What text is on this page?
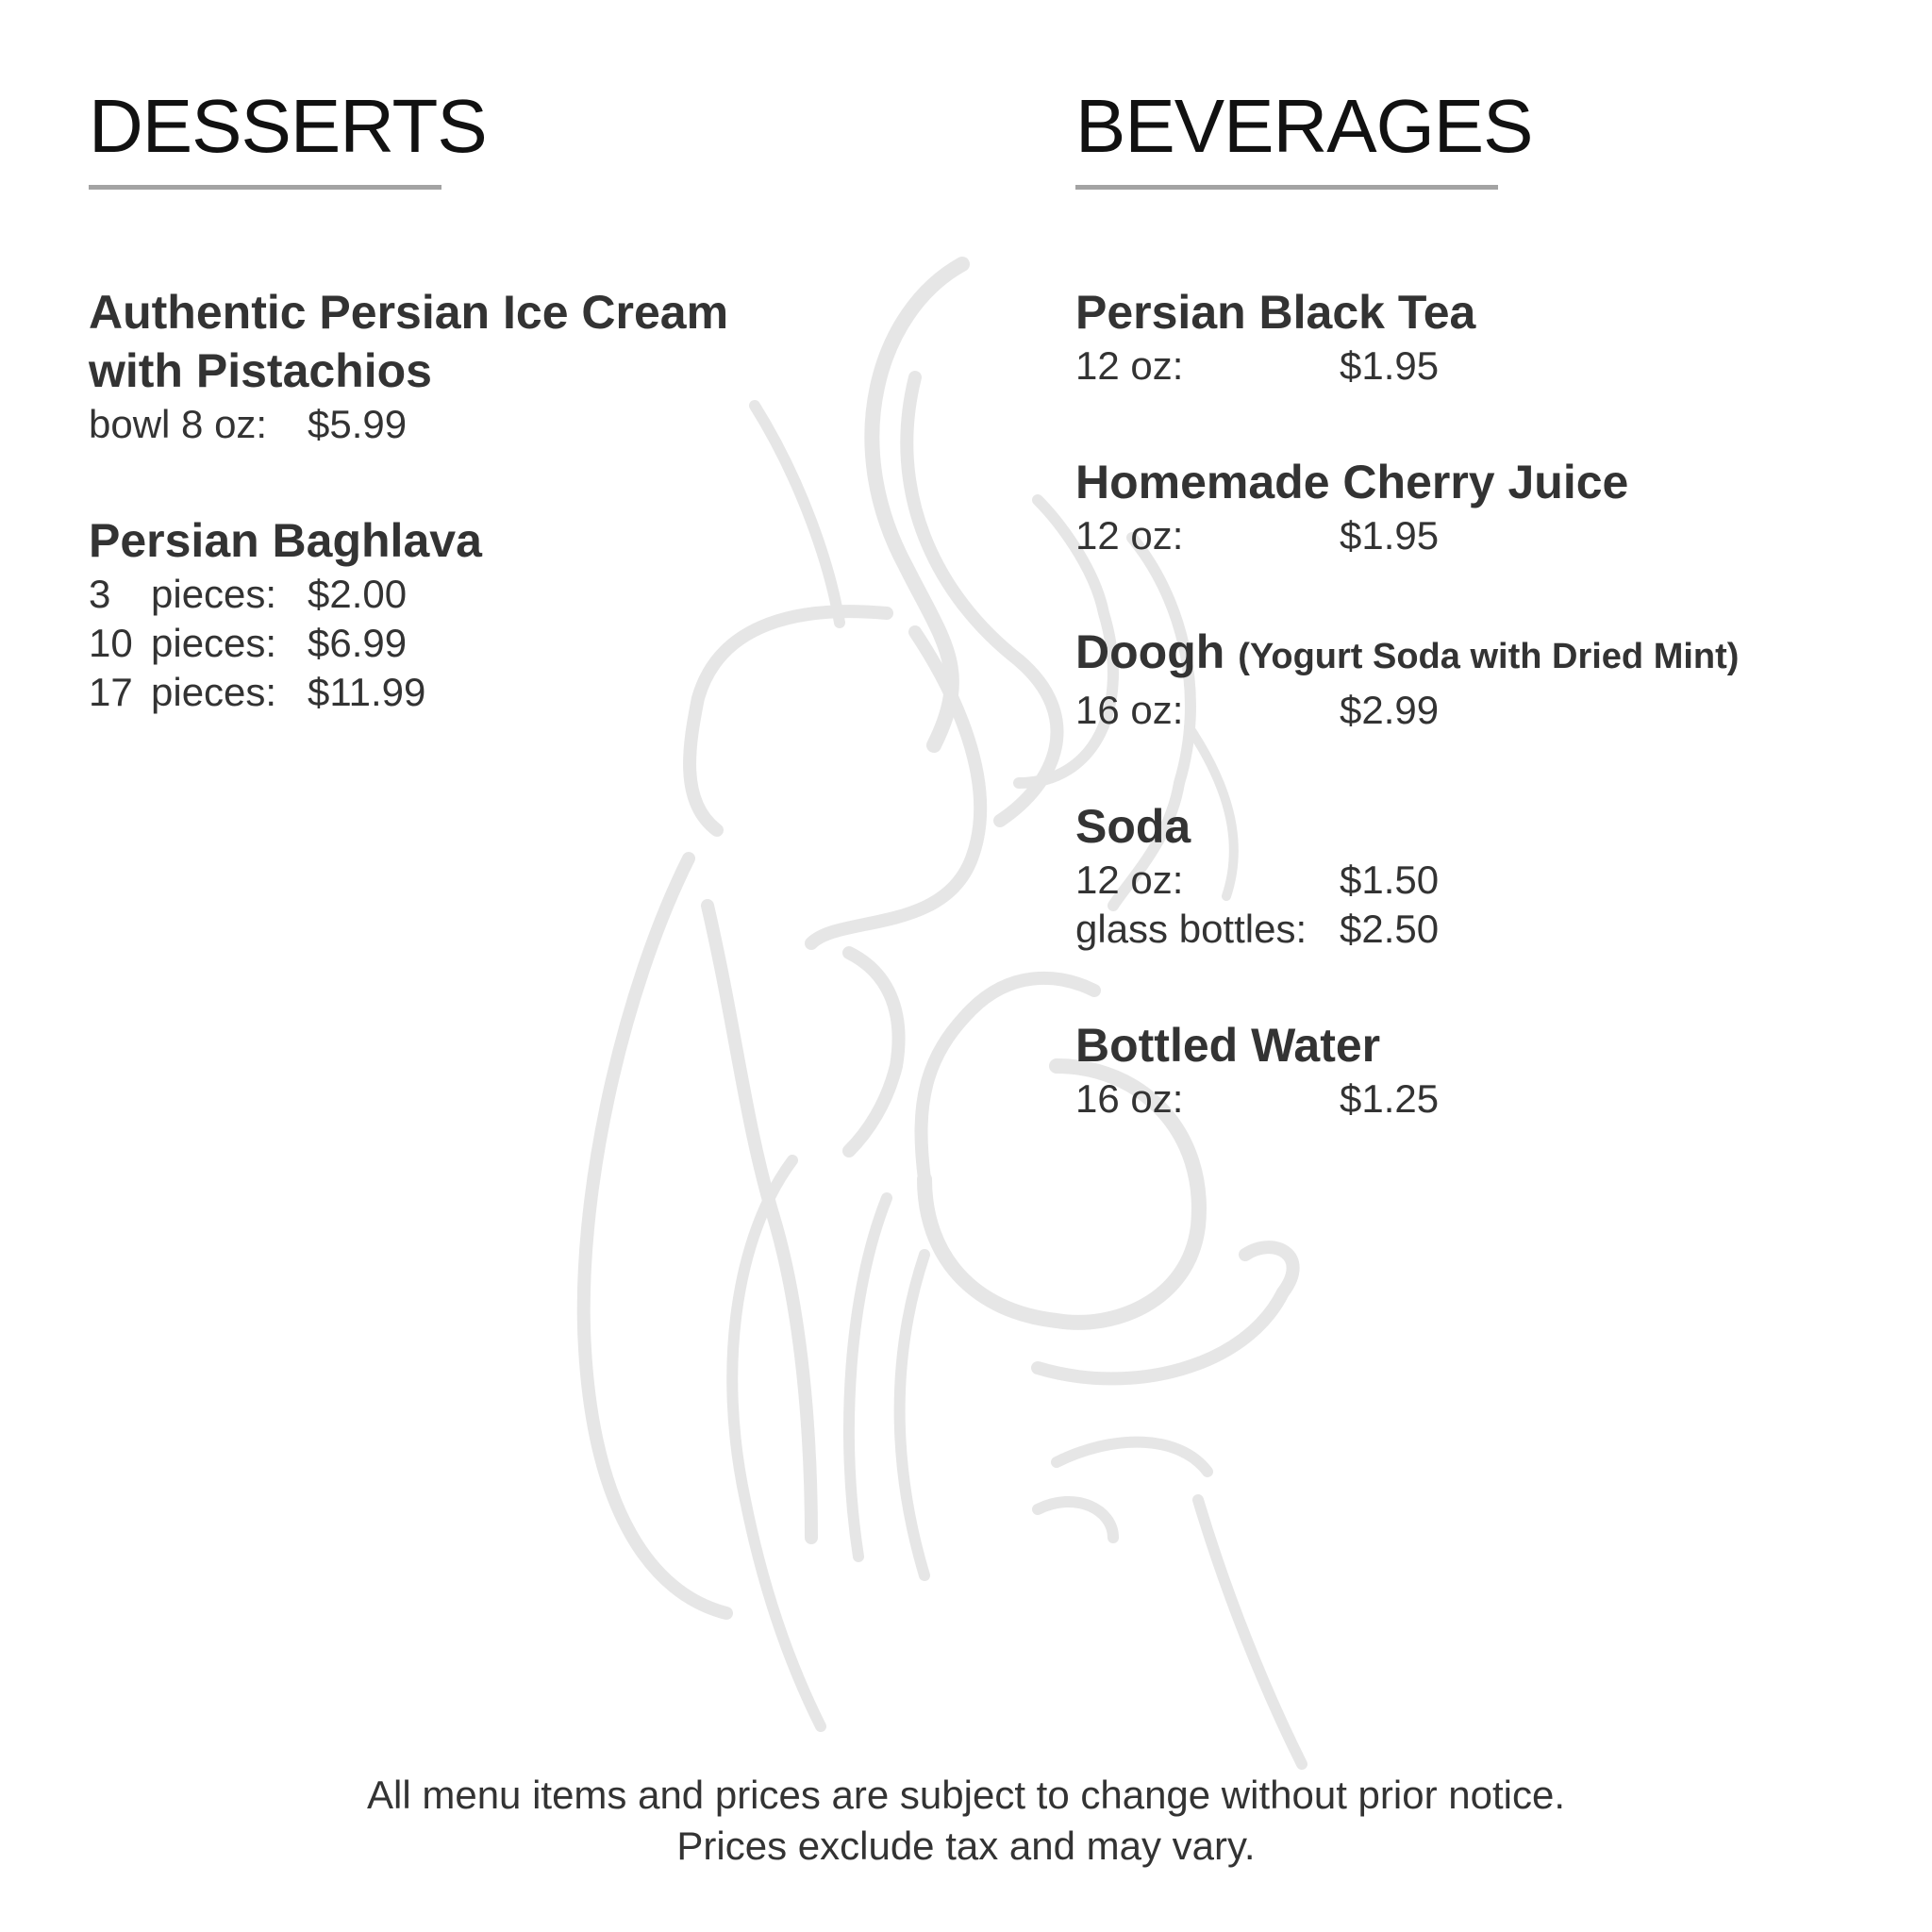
DESSERTS	BEVERAGES

Authentic Persian Ice Cream
with Pistachios

bowl 8 oz: $5.99

Persian Baghlava

3 pieces: $2.00
10 pieces: $6.99
17 pieces: $11.99

Persian Black Tea

12 oz:	$1.95

Homemade Cherry Juice

12 oz:	$1.95

Doogh (Yogurt Soda with Dried Mint)

16 oz:	$2.99

Soda

12 oz:	$1.50
glass bottles: $2.50

Bottled Water

16 oz:	$1.25
All menu items and prices are subject to change without prior notice.
Prices exclude tax and may vary.
